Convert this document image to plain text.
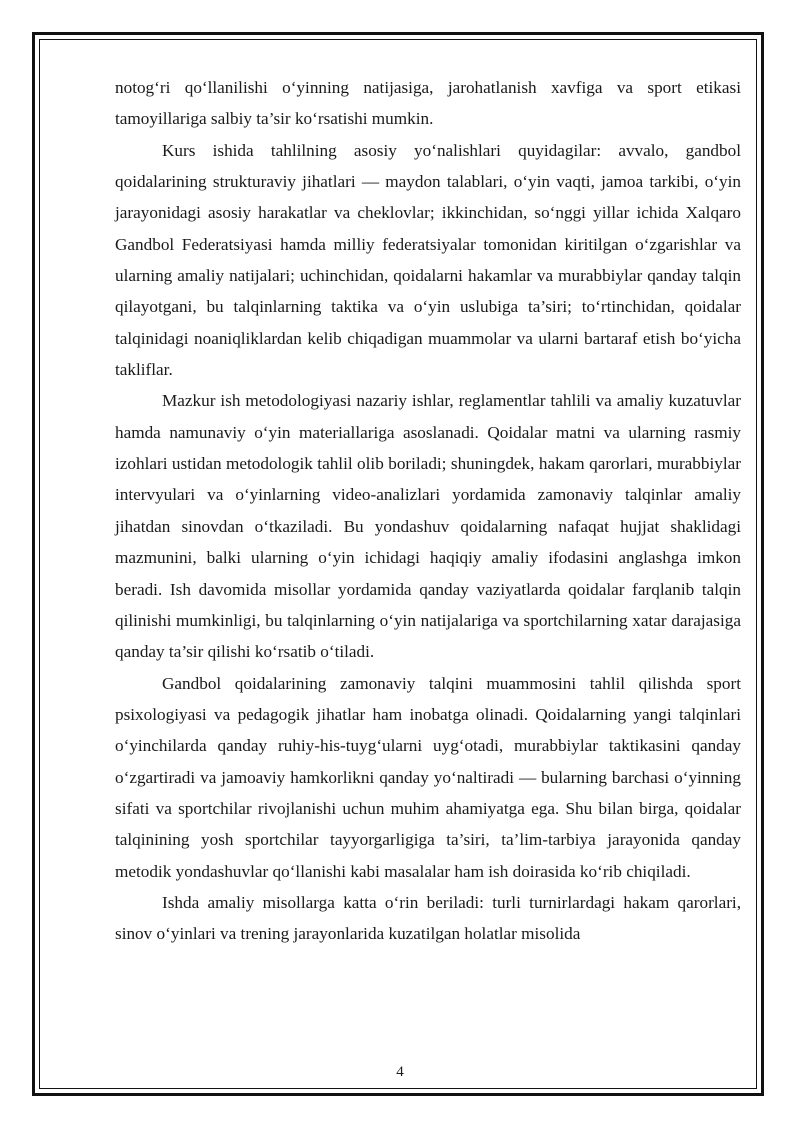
notog‘ri qo‘llanilishi o‘yinning natijasiga, jarohatlanish xavfiga va sport etikasi tamoyillariga salbiy ta’sir ko‘rsatishi mumkin.

Kurs ishida tahlilning asosiy yo‘nalishlari quyidagilar: avvalo, gandbol qoidalarining strukturaviy jihatlari — maydon talablari, o‘yin vaqti, jamoa tarkibi, o‘yin jarayonidagi asosiy harakatlar va cheklovlar; ikkinchidan, so‘nggi yillar ichida Xalqaro Gandbol Federatsiyasi hamda milliy federatsiyalar tomonidan kiritilgan o‘zgarishlar va ularning amaliy natijalari; uchinchidan, qoidalarni hakamlar va murabbiylar qanday talqin qilayotgani, bu talqinlarning taktika va o‘yin uslubiga ta’siri; to‘rtinchidan, qoidalar talqinidagi noaniqliklardan kelib chiqadigan muammolar va ularni bartaraf etish bo‘yicha takliflar.

Mazkur ish metodologiyasi nazariy ishlar, reglamentlar tahlili va amaliy kuzatuvlar hamda namunaviy o‘yin materiallariga asoslanadi. Qoidalar matni va ularning rasmiy izohlari ustidan metodologik tahlil olib boriladi; shuningdek, hakam qarorlari, murabbiylar intervyulari va o‘yinlarning video-analizlari yordamida zamonaviy talqinlar amaliy jihatdan sinovdan o‘tkaziladi. Bu yondashuv qoidalarning nafaqat hujjat shaklidagi mazmunini, balki ularning o‘yin ichidagi haqiqiy amaliy ifodasini anglashga imkon beradi. Ish davomida misollar yordamida qanday vaziyatlarda qoidalar farqlanib talqin qilinishi mumkinligi, bu talqinlarning o‘yin natijalariga va sportchilarning xatar darajasiga qanday ta’sir qilishi ko‘rsatib o‘tiladi.

Gandbol qoidalarining zamonaviy talqini muammosini tahlil qilishda sport psixologiyasi va pedagogik jihatlar ham inobatga olinadi. Qoidalarning yangi talqinlari o‘yinchilarda qanday ruhiy-his-tuyg‘ularni uyg‘otadi, murabbiylar taktikasini qanday o‘zgartiradi va jamoaviy hamkorlikni qanday yo‘naltiradi — bularning barchasi o‘yinning sifati va sportchilar rivojlanishi uchun muhim ahamiyatga ega. Shu bilan birga, qoidalar talqinining yosh sportchilar tayyorgarligiga ta’siri, ta’lim-tarbiya jarayonida qanday metodik yondashuvlar qo‘llanishi kabi masalalar ham ish doirasida ko‘rib chiqiladi.

Ishda amaliy misollarga katta o‘rin beriladi: turli turnirlardagi hakam qarorlari, sinov o‘yinlari va trening jarayonlarida kuzatilgan holatlar misolida

4
